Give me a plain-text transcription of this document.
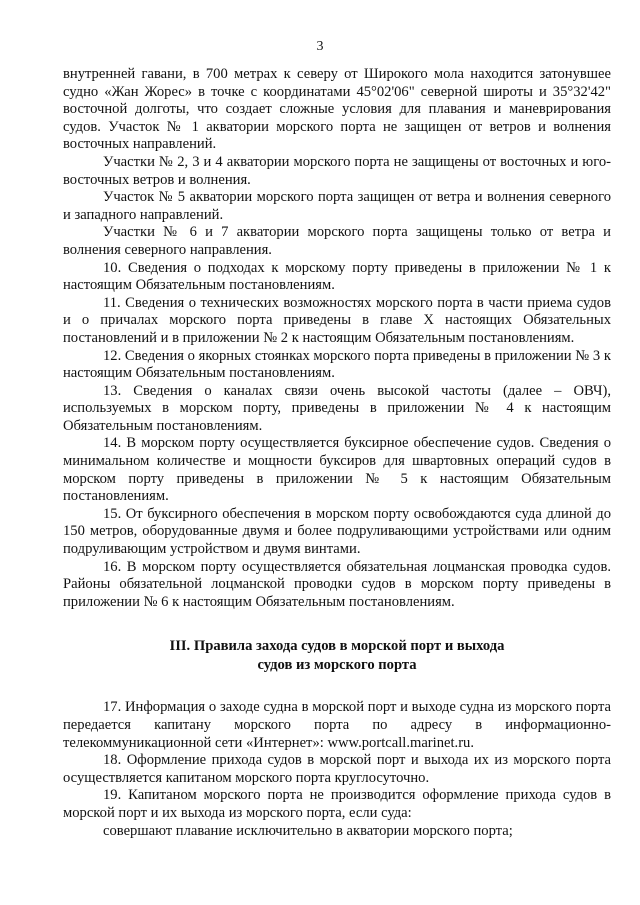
3

внутренней гавани, в 700 метрах к северу от Широкого мола находится затонувшее судно «Жан Жорес» в точке с координатами 45°02'06" северной широты и 35°32'42" восточной долготы, что создает сложные условия для плавания и маневрирования судов. Участок № 1 акватории морского порта не защищен от ветров и волнения восточных направлений.

Участки № 2, 3 и 4 акватории морского порта не защищены от восточных и юго-восточных ветров и волнения.

Участок № 5 акватории морского порта защищен от ветра и волнения северного и западного направлений.

Участки № 6 и 7 акватории морского порта защищены только от ветра и волнения северного направления.

10. Сведения о подходах к морскому порту приведены в приложении № 1 к настоящим Обязательным постановлениям.

11. Сведения о технических возможностях морского порта в части приема судов и о причалах морского порта приведены в главе X настоящих Обязательных постановлений и в приложении № 2 к настоящим Обязательным постановлениям.

12. Сведения о якорных стоянках морского порта приведены в приложении № 3 к настоящим Обязательным постановлениям.

13. Сведения о каналах связи очень высокой частоты (далее – ОВЧ), используемых в морском порту, приведены в приложении № 4 к настоящим Обязательным постановлениям.

14. В морском порту осуществляется буксирное обеспечение судов. Сведения о минимальном количестве и мощности буксиров для швартовных операций судов в морском порту приведены в приложении № 5 к настоящим Обязательным постановлениям.

15. От буксирного обеспечения в морском порту освобождаются суда длиной до 150 метров, оборудованные двумя и более подруливающими устройствами или одним подруливающим устройством и двумя винтами.

16. В морском порту осуществляется обязательная лоцманская проводка судов. Районы обязательной лоцманской проводки судов в морском порту приведены в приложении № 6 к настоящим Обязательным постановлениям.

III. Правила захода судов в морской порт и выхода
судов из морского порта

17. Информация о заходе судна в морской порт и выходе судна из морского порта передается капитану морского порта по адресу в информационно-телекоммуникационной сети «Интернет»: www.portcall.marinet.ru.

18. Оформление прихода судов в морской порт и выхода их из морского порта осуществляется капитаном морского порта круглосуточно.

19. Капитаном морского порта не производится оформление прихода судов в морской порт и их выхода из морского порта, если суда:

совершают плавание исключительно в акватории морского порта;
